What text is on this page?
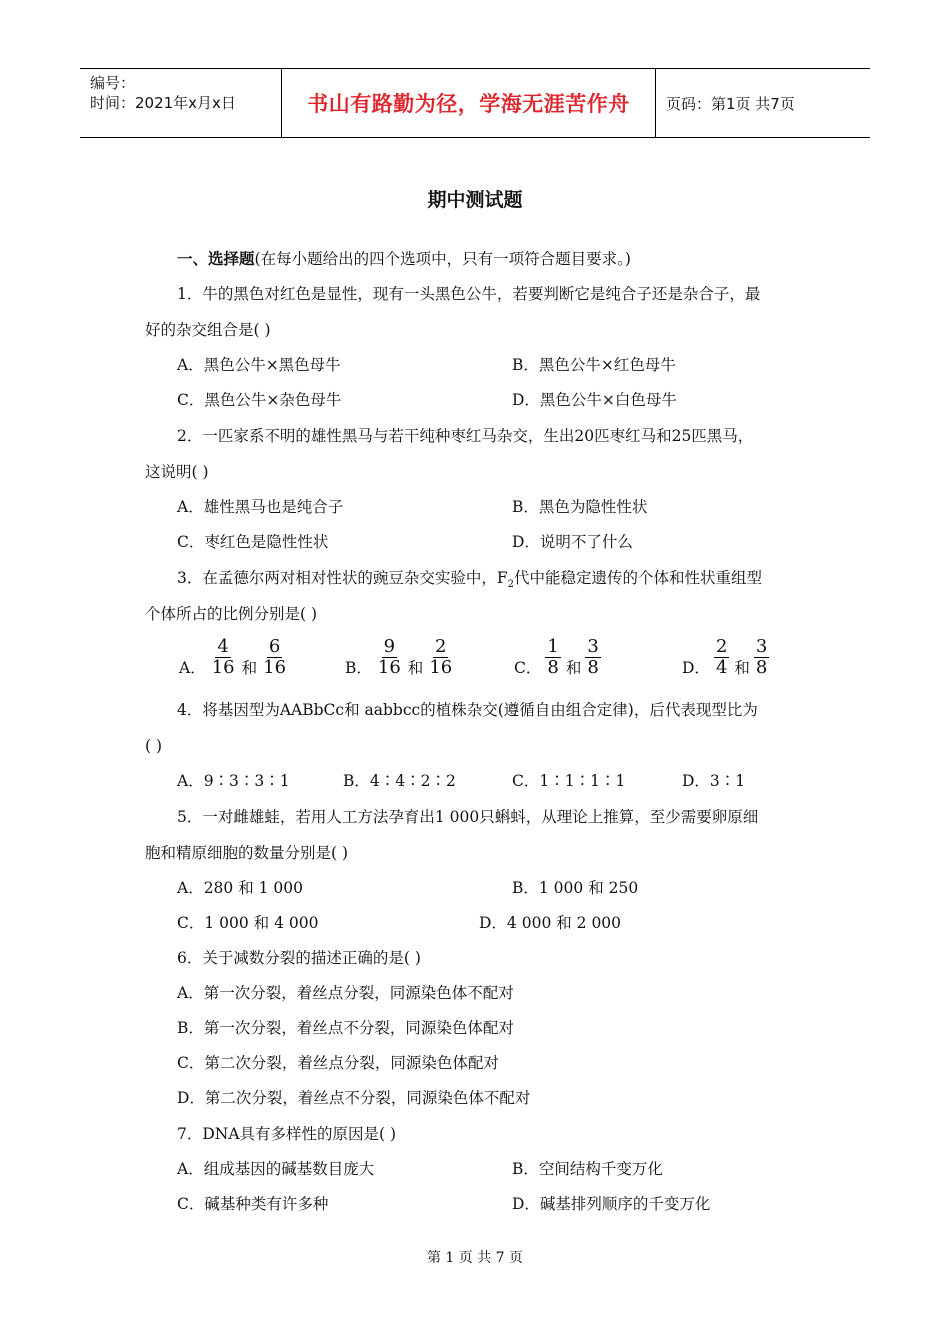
编号：
时间：2021年x月x日	书山有路勤为径，学海无涯苦作舟	页码：第1页 共7页
期中测试题
一、选择题(在每小题给出的四个选项中，只有一项符合题目要求。)
1．牛的黑色对红色是显性，现有一头黑色公牛，若要判断它是纯合子还是杂合子，最
好的杂交组合是( )
A．黑色公牛×黑色母牛	B．黑色公牛×红色母牛
C．黑色公牛×杂色母牛	D．黑色公牛×白色母牛
2．一匹家系不明的雄性黑马与若干纯种枣红马杂交，生出20匹枣红马和25匹黑马，
这说明( )
A．雄性黑马也是纯合子	B．黑色为隐性性状
C．枣红色是隐性性状	D．说明不了什么
3．在孟德尔两对相对性状的豌豆杂交实验中，$F_2$代中能稳定遗传的个体和性状重组型
个体所占的比例分别是( )
A． $\frac{4}{16}$ 和 $\frac{6}{16}$	B． $\frac{9}{16}$ 和 $\frac{2}{16}$	C． $\frac{1}{8}$ 和 $\frac{3}{8}$	D． $\frac{2}{4}$ 和 $\frac{3}{8}$
4．将基因型为AABbCc和 aabbcc的植株杂交(遵循自由组合定律)，后代表现型比为
( )
A．9∶3∶3∶1	B．4∶4∶2∶2	C．1∶1∶1∶1	D．3∶1
5．一对雌雄蛙，若用人工方法孕育出1 000只蝌蚪，从理论上推算，至少需要卵原细
胞和精原细胞的数量分别是( )
A．280 和 1 000	B．1 000 和 250
C．1 000 和 4 000	D．4 000 和 2 000
6．关于减数分裂的描述正确的是( )
A．第一次分裂，着丝点分裂，同源染色体不配对
B．第一次分裂，着丝点不分裂，同源染色体配对
C．第二次分裂，着丝点分裂，同源染色体配对
D．第二次分裂，着丝点不分裂，同源染色体不配对
7．DNA具有多样性的原因是( )
A．组成基因的碱基数目庞大	B．空间结构千变万化
C．碱基种类有许多种	D．碱基排列顺序的千变万化
第 1 页 共 7 页
